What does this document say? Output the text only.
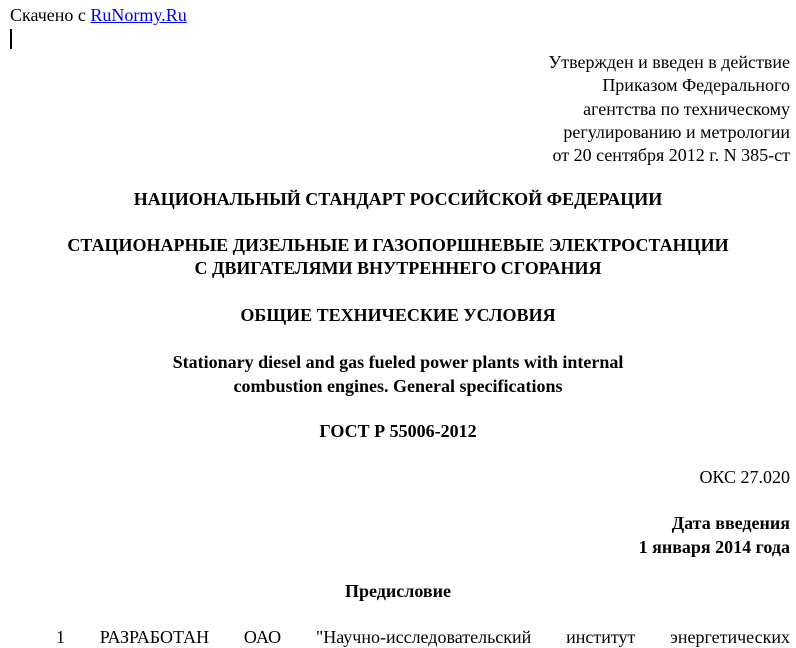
Скачено с RuNormy.Ru
Утвержден и введен в действие
Приказом Федерального
агентства по техническому
регулированию и метрологии
от 20 сентября 2012 г. N 385-ст
НАЦИОНАЛЬНЫЙ СТАНДАРТ РОССИЙСКОЙ ФЕДЕРАЦИИ
СТАЦИОНАРНЫЕ ДИЗЕЛЬНЫЕ И ГАЗОПОРШНЕВЫЕ ЭЛЕКТРОСТАНЦИИ
С ДВИГАТЕЛЯМИ ВНУТРЕННЕГО СГОРАНИЯ
ОБЩИЕ ТЕХНИЧЕСКИЕ УСЛОВИЯ
Stationary diesel and gas fueled power plants with internal
combustion engines. General specifications
ГОСТ Р 55006-2012
ОКС 27.020
Дата введения
1 января 2014 года
Предисловие
1 РАЗРАБОТАН ОАО "Научно-исследовательский институт энергетических
